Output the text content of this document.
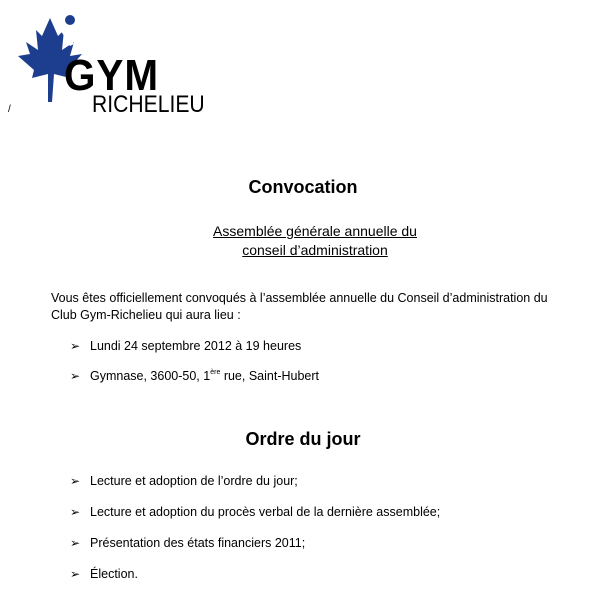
GYM
RICHELIEU
/
Convocation
Assemblée générale annuelle du
conseil d’administration
Vous êtes officiellement convoqués à l’assemblée annuelle du Conseil d’administration du Club Gym-Richelieu qui aura lieu :
➢ Lundi 24 septembre 2012 à 19 heures
➢ Gymnase, 3600-50, 1ère rue, Saint-Hubert
Ordre du jour
➢ Lecture et adoption de l’ordre du jour;
➢ Lecture et adoption du procès verbal de la dernière assemblée;
➢ Présentation des états financiers 2011;
➢ Élection.
